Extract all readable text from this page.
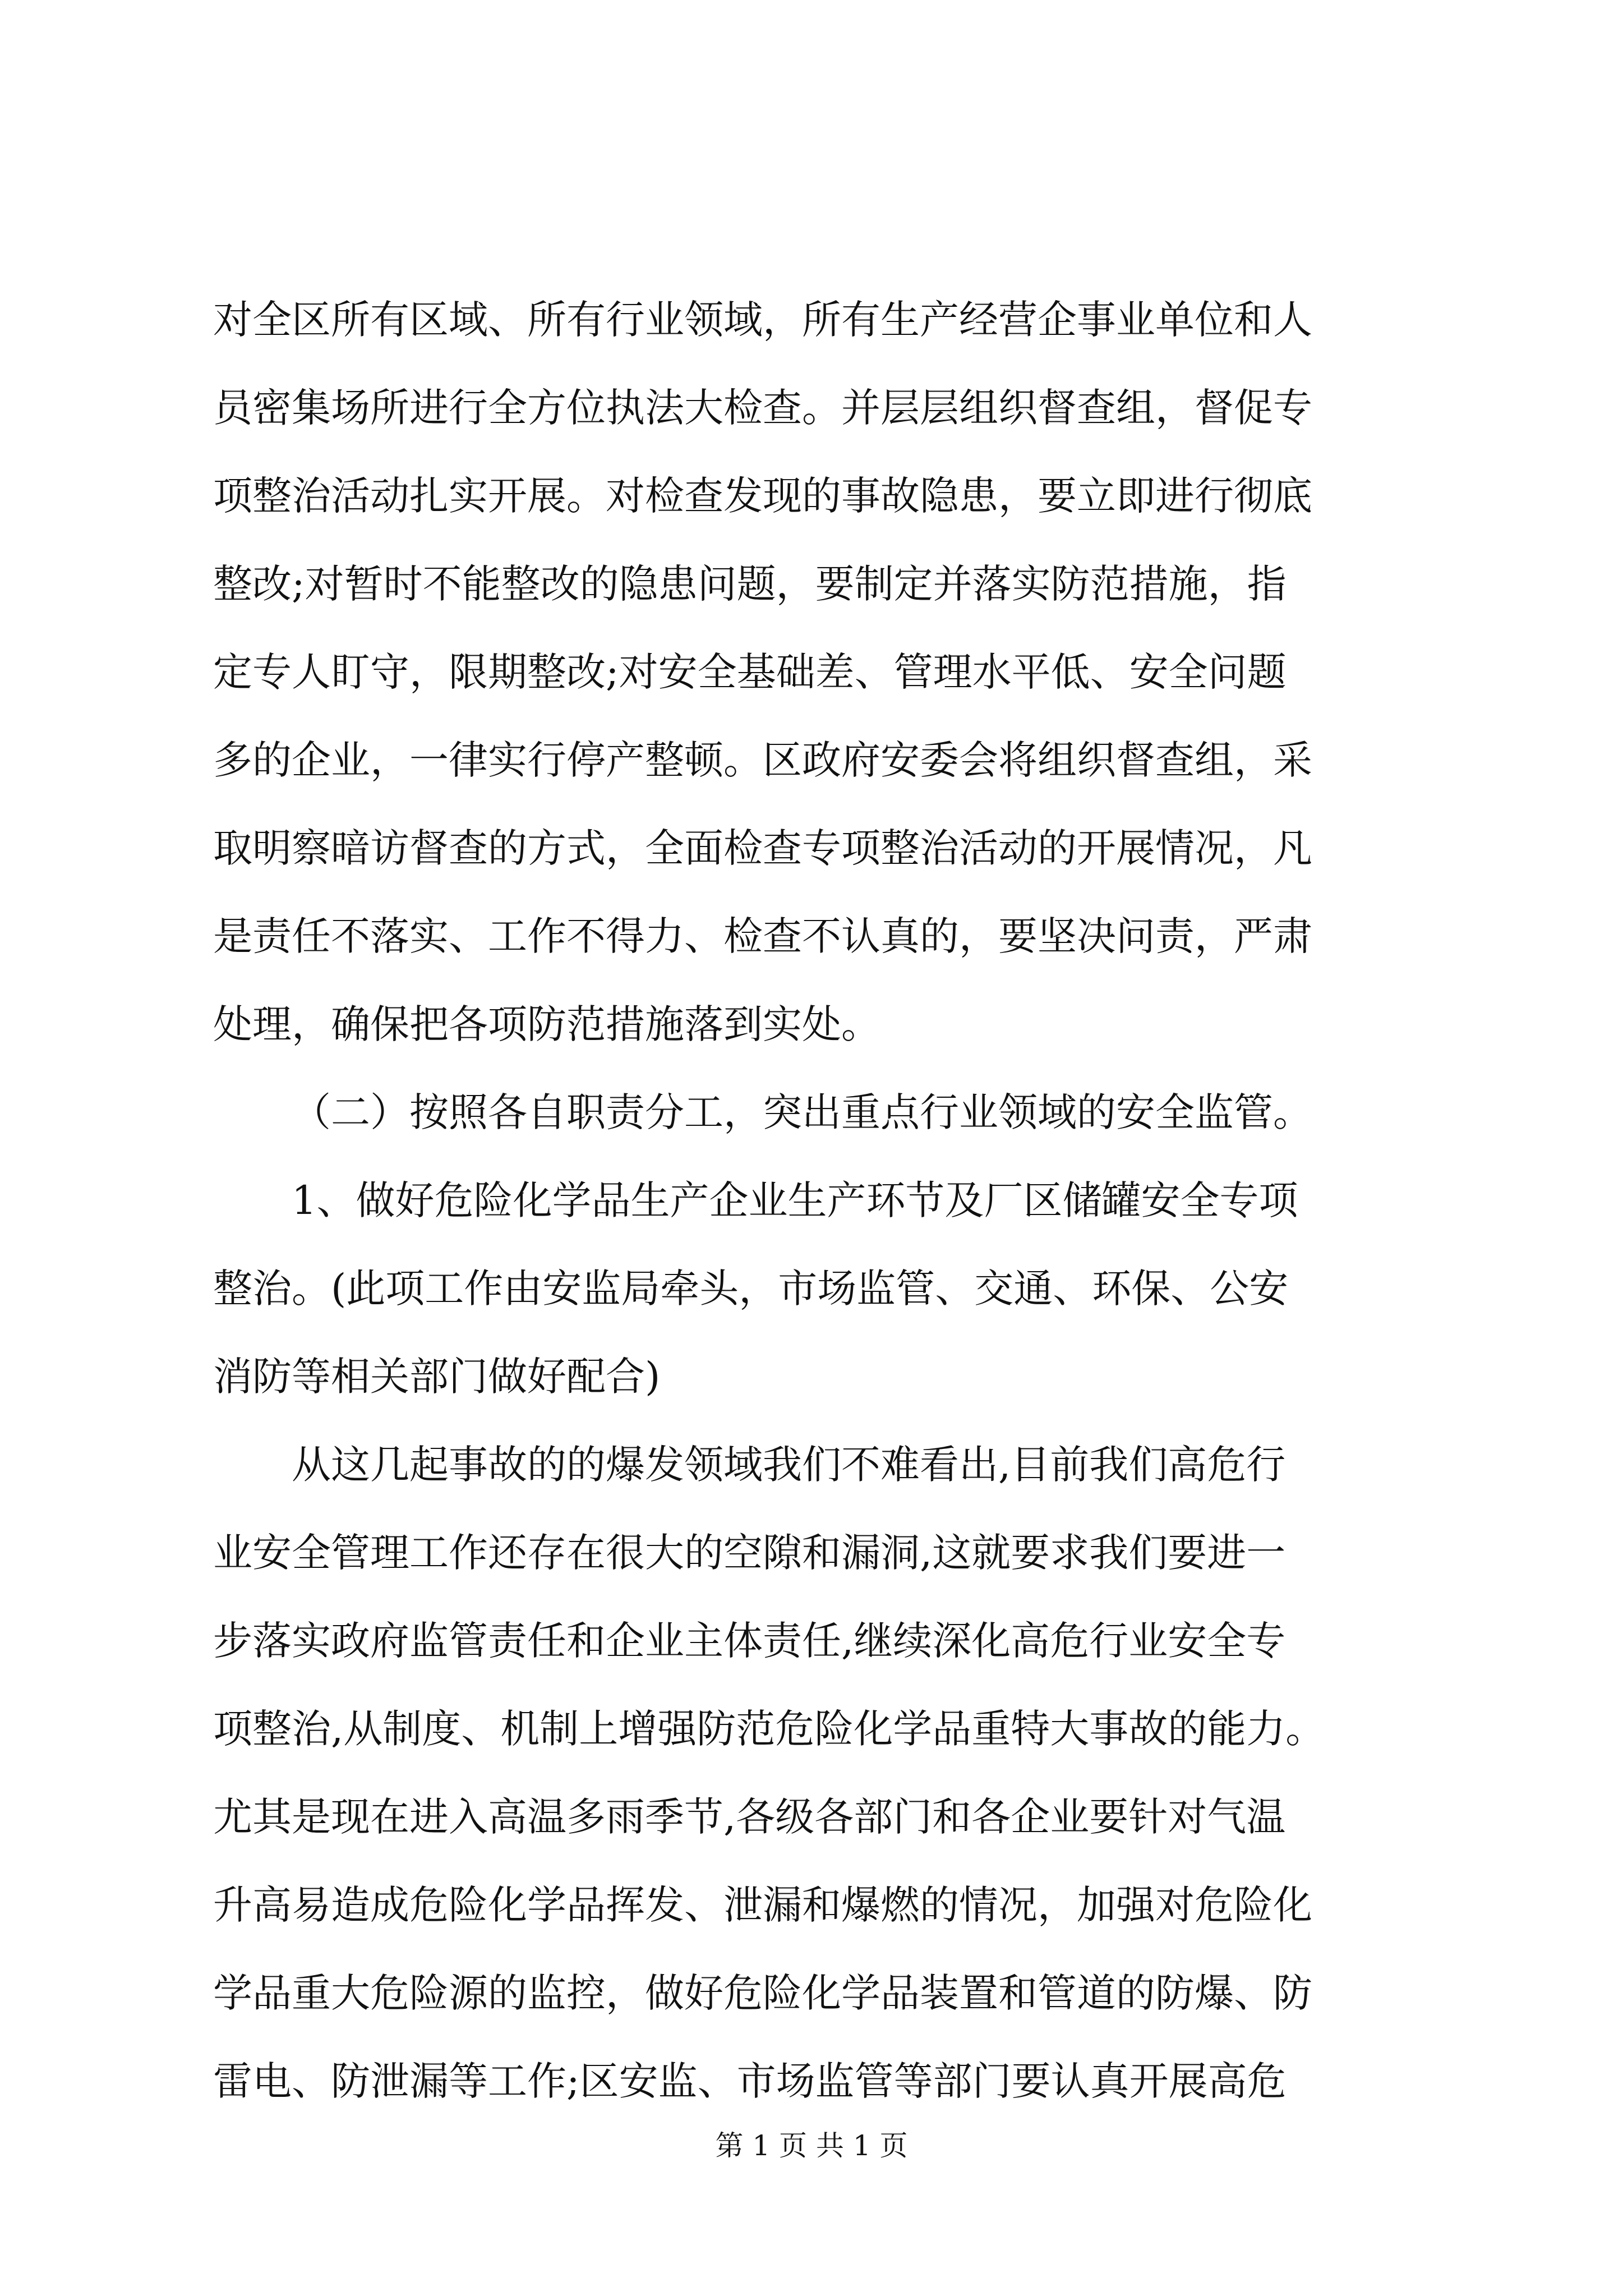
对全区所有区域、所有行业领域，所有生产经营企事业单位和人
员密集场所进行全方位执法大检查。并层层组织督查组，督促专
项整治活动扎实开展。对检查发现的事故隐患，要立即进行彻底
整改;对暂时不能整改的隐患问题，要制定并落实防范措施，指
定专人盯守，限期整改;对安全基础差、管理水平低、安全问题
多的企业，一律实行停产整顿。区政府安委会将组织督查组，采
取明察暗访督查的方式，全面检查专项整治活动的开展情况，凡
是责任不落实、工作不得力、检查不认真的，要坚决问责，严肃
处理，确保把各项防范措施落到实处。
（二）按照各自职责分工，突出重点行业领域的安全监管。
1、做好危险化学品生产企业生产环节及厂区储罐安全专项
整治。(此项工作由安监局牵头，市场监管、交通、环保、公安
消防等相关部门做好配合)
从这几起事故的的爆发领域我们不难看出,目前我们高危行
业安全管理工作还存在很大的空隙和漏洞,这就要求我们要进一
步落实政府监管责任和企业主体责任,继续深化高危行业安全专
项整治,从制度、机制上增强防范危险化学品重特大事故的能力。
尤其是现在进入高温多雨季节,各级各部门和各企业要针对气温
升高易造成危险化学品挥发、泄漏和爆燃的情况，加强对危险化
学品重大危险源的监控，做好危险化学品装置和管道的防爆、防
雷电、防泄漏等工作;区安监、市场监管等部门要认真开展高危
第 1 页 共 1 页
